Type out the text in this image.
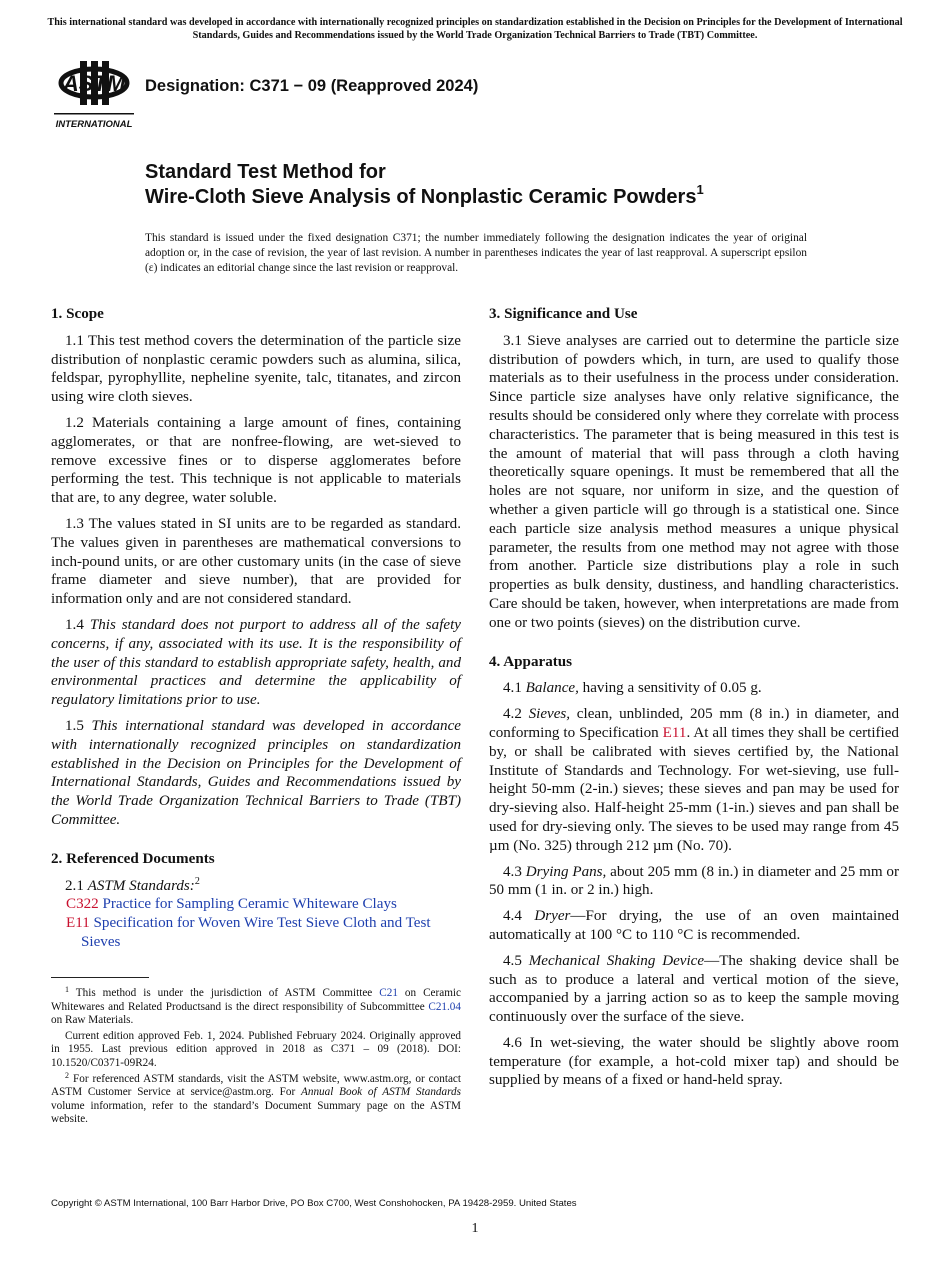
This international standard was developed in accordance with internationally recognized principles on standardization established in the Decision on Principles for the Development of International Standards, Guides and Recommendations issued by the World Trade Organization Technical Barriers to Trade (TBT) Committee.
ASTM
INTERNATIONAL
Designation: C371 − 09 (Reapproved 2024)
Standard Test Method for
Wire-Cloth Sieve Analysis of Nonplastic Ceramic Powders$^1$
This standard is issued under the fixed designation C371; the number immediately following the designation indicates the year of original adoption or, in the case of revision, the year of last revision. A number in parentheses indicates the year of last reapproval. A superscript epsilon (ε) indicates an editorial change since the last revision or reapproval.
1. Scope

1.1 This test method covers the determination of the particle size distribution of nonplastic ceramic powders such as alumina, silica, feldspar, pyrophyllite, nepheline syenite, talc, titanates, and zircon using wire cloth sieves.

1.2 Materials containing a large amount of fines, containing agglomerates, or that are nonfree-flowing, are wet-sieved to remove excessive fines or to disperse agglomerates before performing the test. This technique is not applicable to materials that are, to any degree, water soluble.

1.3 The values stated in SI units are to be regarded as standard. The values given in parentheses are mathematical conversions to inch-pound units, or are other customary units (in the case of sieve frame diameter and sieve number), that are provided for information only and are not considered standard.

1.4 This standard does not purport to address all of the safety concerns, if any, associated with its use. It is the responsibility of the user of this standard to establish appropriate safety, health, and environmental practices and determine the applicability of regulatory limitations prior to use.

1.5 This international standard was developed in accordance with internationally recognized principles on standardization established in the Decision on Principles for the Development of International Standards, Guides and Recommendations issued by the World Trade Organization Technical Barriers to Trade (TBT) Committee.

2. Referenced Documents

2.1 ASTM Standards:$^2$

C322 Practice for Sampling Ceramic Whiteware Clays

E11 Specification for Woven Wire Test Sieve Cloth and Test Sieves

$^1$ This method is under the jurisdiction of ASTM Committee C21 on Ceramic Whitewares and Related Productsand is the direct responsibility of Subcommittee C21.04 on Raw Materials.

Current edition approved Feb. 1, 2024. Published February 2024. Originally approved in 1955. Last previous edition approved in 2018 as C371 – 09 (2018). DOI: 10.1520/C0371-09R24.

$^2$ For referenced ASTM standards, visit the ASTM website, www.astm.org, or contact ASTM Customer Service at service@astm.org. For Annual Book of ASTM Standards volume information, refer to the standard’s Document Summary page on the ASTM website.

3. Significance and Use

3.1 Sieve analyses are carried out to determine the particle size distribution of powders which, in turn, are used to qualify those materials as to their usefulness in the process under consideration. Since particle size analyses have only relative significance, the results should be considered only where they correlate with process characteristics. The parameter that is being measured in this test is the amount of material that will pass through a cloth having theoretically square openings. It must be remembered that all the holes are not square, nor uniform in size, and the question of whether a given particle will go through is a statistical one. Since each particle size analysis method measures a unique physical parameter, the results from one method may not agree with those from another. Particle size distributions play a role in such properties as bulk density, dustiness, and handling characteristics. Care should be taken, however, when interpretations are made from one or two points (sieves) on the distribution curve.

4. Apparatus

4.1 Balance, having a sensitivity of 0.05 g.

4.2 Sieves, clean, unblinded, 205 mm (8 in.) in diameter, and conforming to Specification E11. At all times they shall be certified by, or shall be calibrated with sieves certified by, the National Institute of Standards and Technology. For wet-sieving, use full-height 50-mm (2-in.) sieves; these sieves and pan may be used for dry-sieving also. Half-height 25-mm (1-in.) sieves and pan shall be used for dry-sieving only. The sieves to be used may range from 45 µm (No. 325) through 212 µm (No. 70).

4.3 Drying Pans, about 205 mm (8 in.) in diameter and 25 mm or 50 mm (1 in. or 2 in.) high.

4.4 Dryer—For drying, the use of an oven maintained automatically at 100 °C to 110 °C is recommended.

4.5 Mechanical Shaking Device—The shaking device shall be such as to produce a lateral and vertical motion of the sieve, accompanied by a jarring action so as to keep the sample moving continuously over the surface of the sieve.

4.6 In wet-sieving, the water should be slightly above room temperature (for example, a hot-cold mixer tap) and should be supplied by means of a fixed or hand-held spray.

Copyright © ASTM International, 100 Barr Harbor Drive, PO Box C700, West Conshohocken, PA 19428-2959. United States
1
